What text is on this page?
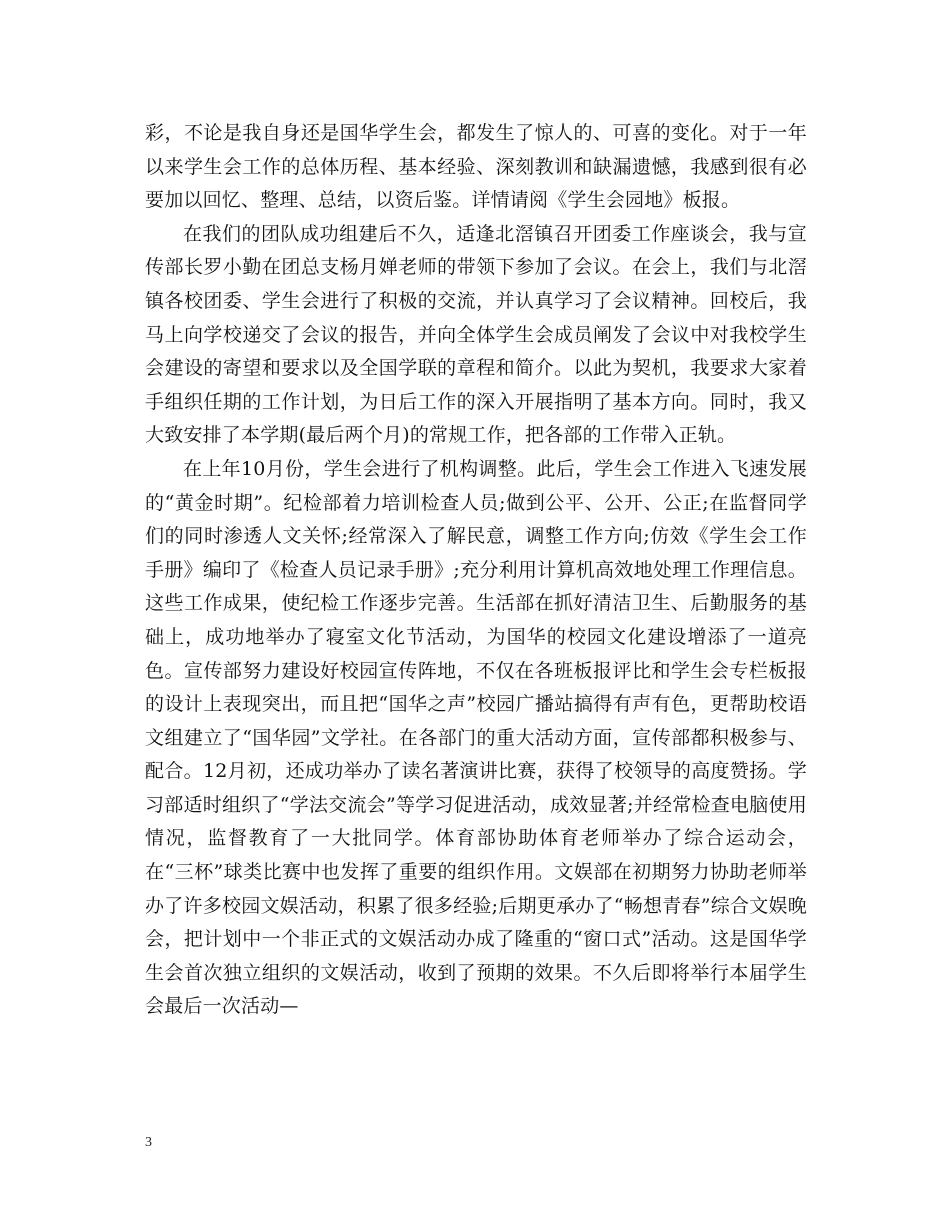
彩，不论是我自身还是国华学生会，都发生了惊人的、可喜的变化。对于一年以来学生会工作的总体历程、基本经验、深刻教训和缺漏遗憾，我感到很有必要加以回忆、整理、总结，以资后鉴。详情请阅《学生会园地》板报。

在我们的团队成功组建后不久，适逢北滘镇召开团委工作座谈会，我与宣传部长罗小勤在团总支杨月婵老师的带领下参加了会议。在会上，我们与北滘镇各校团委、学生会进行了积极的交流，并认真学习了会议精神。回校后，我马上向学校递交了会议的报告，并向全体学生会成员阐发了会议中对我校学生会建设的寄望和要求以及全国学联的章程和简介。以此为契机，我要求大家着手组织任期的工作计划，为日后工作的深入开展指明了基本方向。同时，我又大致安排了本学期(最后两个月)的常规工作，把各部的工作带入正轨。

在上年10月份，学生会进行了机构调整。此后，学生会工作进入飞速发展的“黄金时期”。纪检部着力培训检查人员;做到公平、公开、公正;在监督同学们的同时渗透人文关怀;经常深入了解民意，调整工作方向;仿效《学生会工作手册》编印了《检查人员记录手册》;充分利用计算机高效地处理工作理信息。这些工作成果，使纪检工作逐步完善。生活部在抓好清洁卫生、后勤服务的基础上，成功地举办了寝室文化节活动，为国华的校园文化建设增添了一道亮色。宣传部努力建设好校园宣传阵地，不仅在各班板报评比和学生会专栏板报的设计上表现突出，而且把“国华之声”校园广播站搞得有声有色，更帮助校语文组建立了“国华园”文学社。在各部门的重大活动方面，宣传部都积极参与、配合。12月初，还成功举办了读名著演讲比赛，获得了校领导的高度赞扬。学习部适时组织了“学法交流会”等学习促进活动，成效显著;并经常检查电脑使用情况，监督教育了一大批同学。体育部协助体育老师举办了综合运动会，在“三杯”球类比赛中也发挥了重要的组织作用。文娱部在初期努力协助老师举办了许多校园文娱活动，积累了很多经验;后期更承办了“畅想青春”综合文娱晚会，把计划中一个非正式的文娱活动办成了隆重的“窗口式”活动。这是国华学生会首次独立组织的文娱活动，收到了预期的效果。不久后即将举行本届学生会最后一次活动—

3
